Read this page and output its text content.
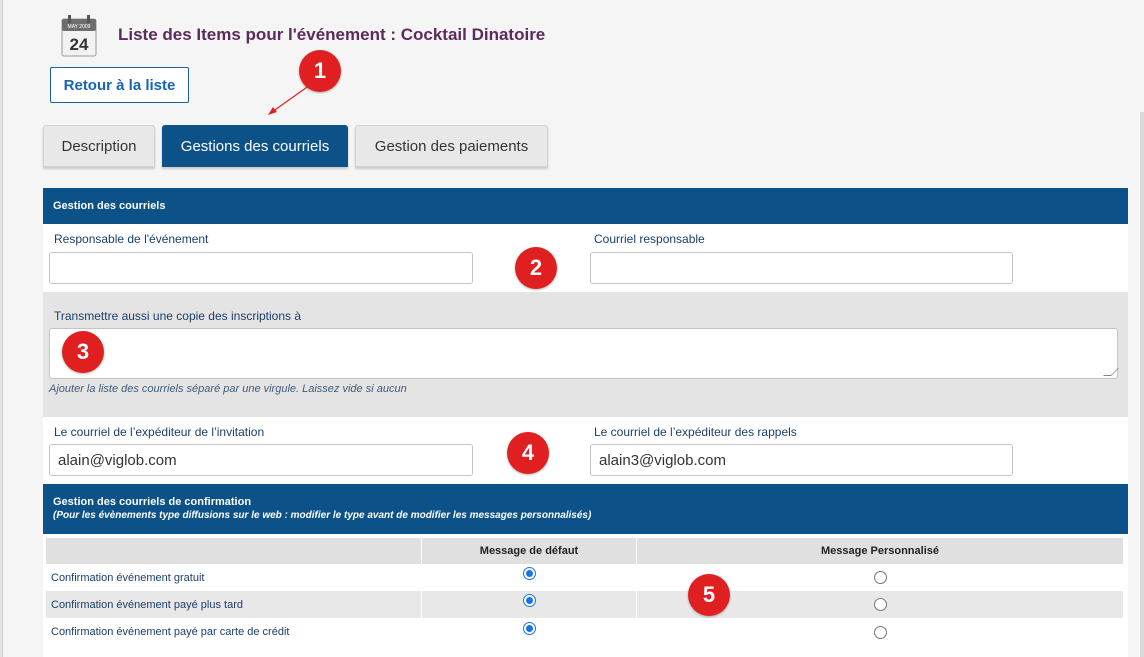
MAY 2009
24
Liste des Items pour l'événement : Cocktail Dinatoire
Retour à la liste
Description	Gestions des courriels	Gestion des paiements
Gestion des courriels
Responsable de l'événement	Courriel responsable
Transmettre aussi une copie des inscriptions à
Ajouter la liste des courriels séparé par une virgule. Laissez vide si aucun
Le courriel de l’expéditeur de l’invitation
alain@viglob.com
Le courriel de l’expéditeur des rappels
alain3@viglob.com
Gestion des courriels de confirmation
(Pour les évènements type diffusions sur le web : modifier le type avant de modifier les messages personnalisés)
Message de défaut	Message Personnalisé
Confirmation événement gratuit
Confirmation événement payé plus tard
Confirmation événement payé par carte de crédit
1
2
3
4
5
